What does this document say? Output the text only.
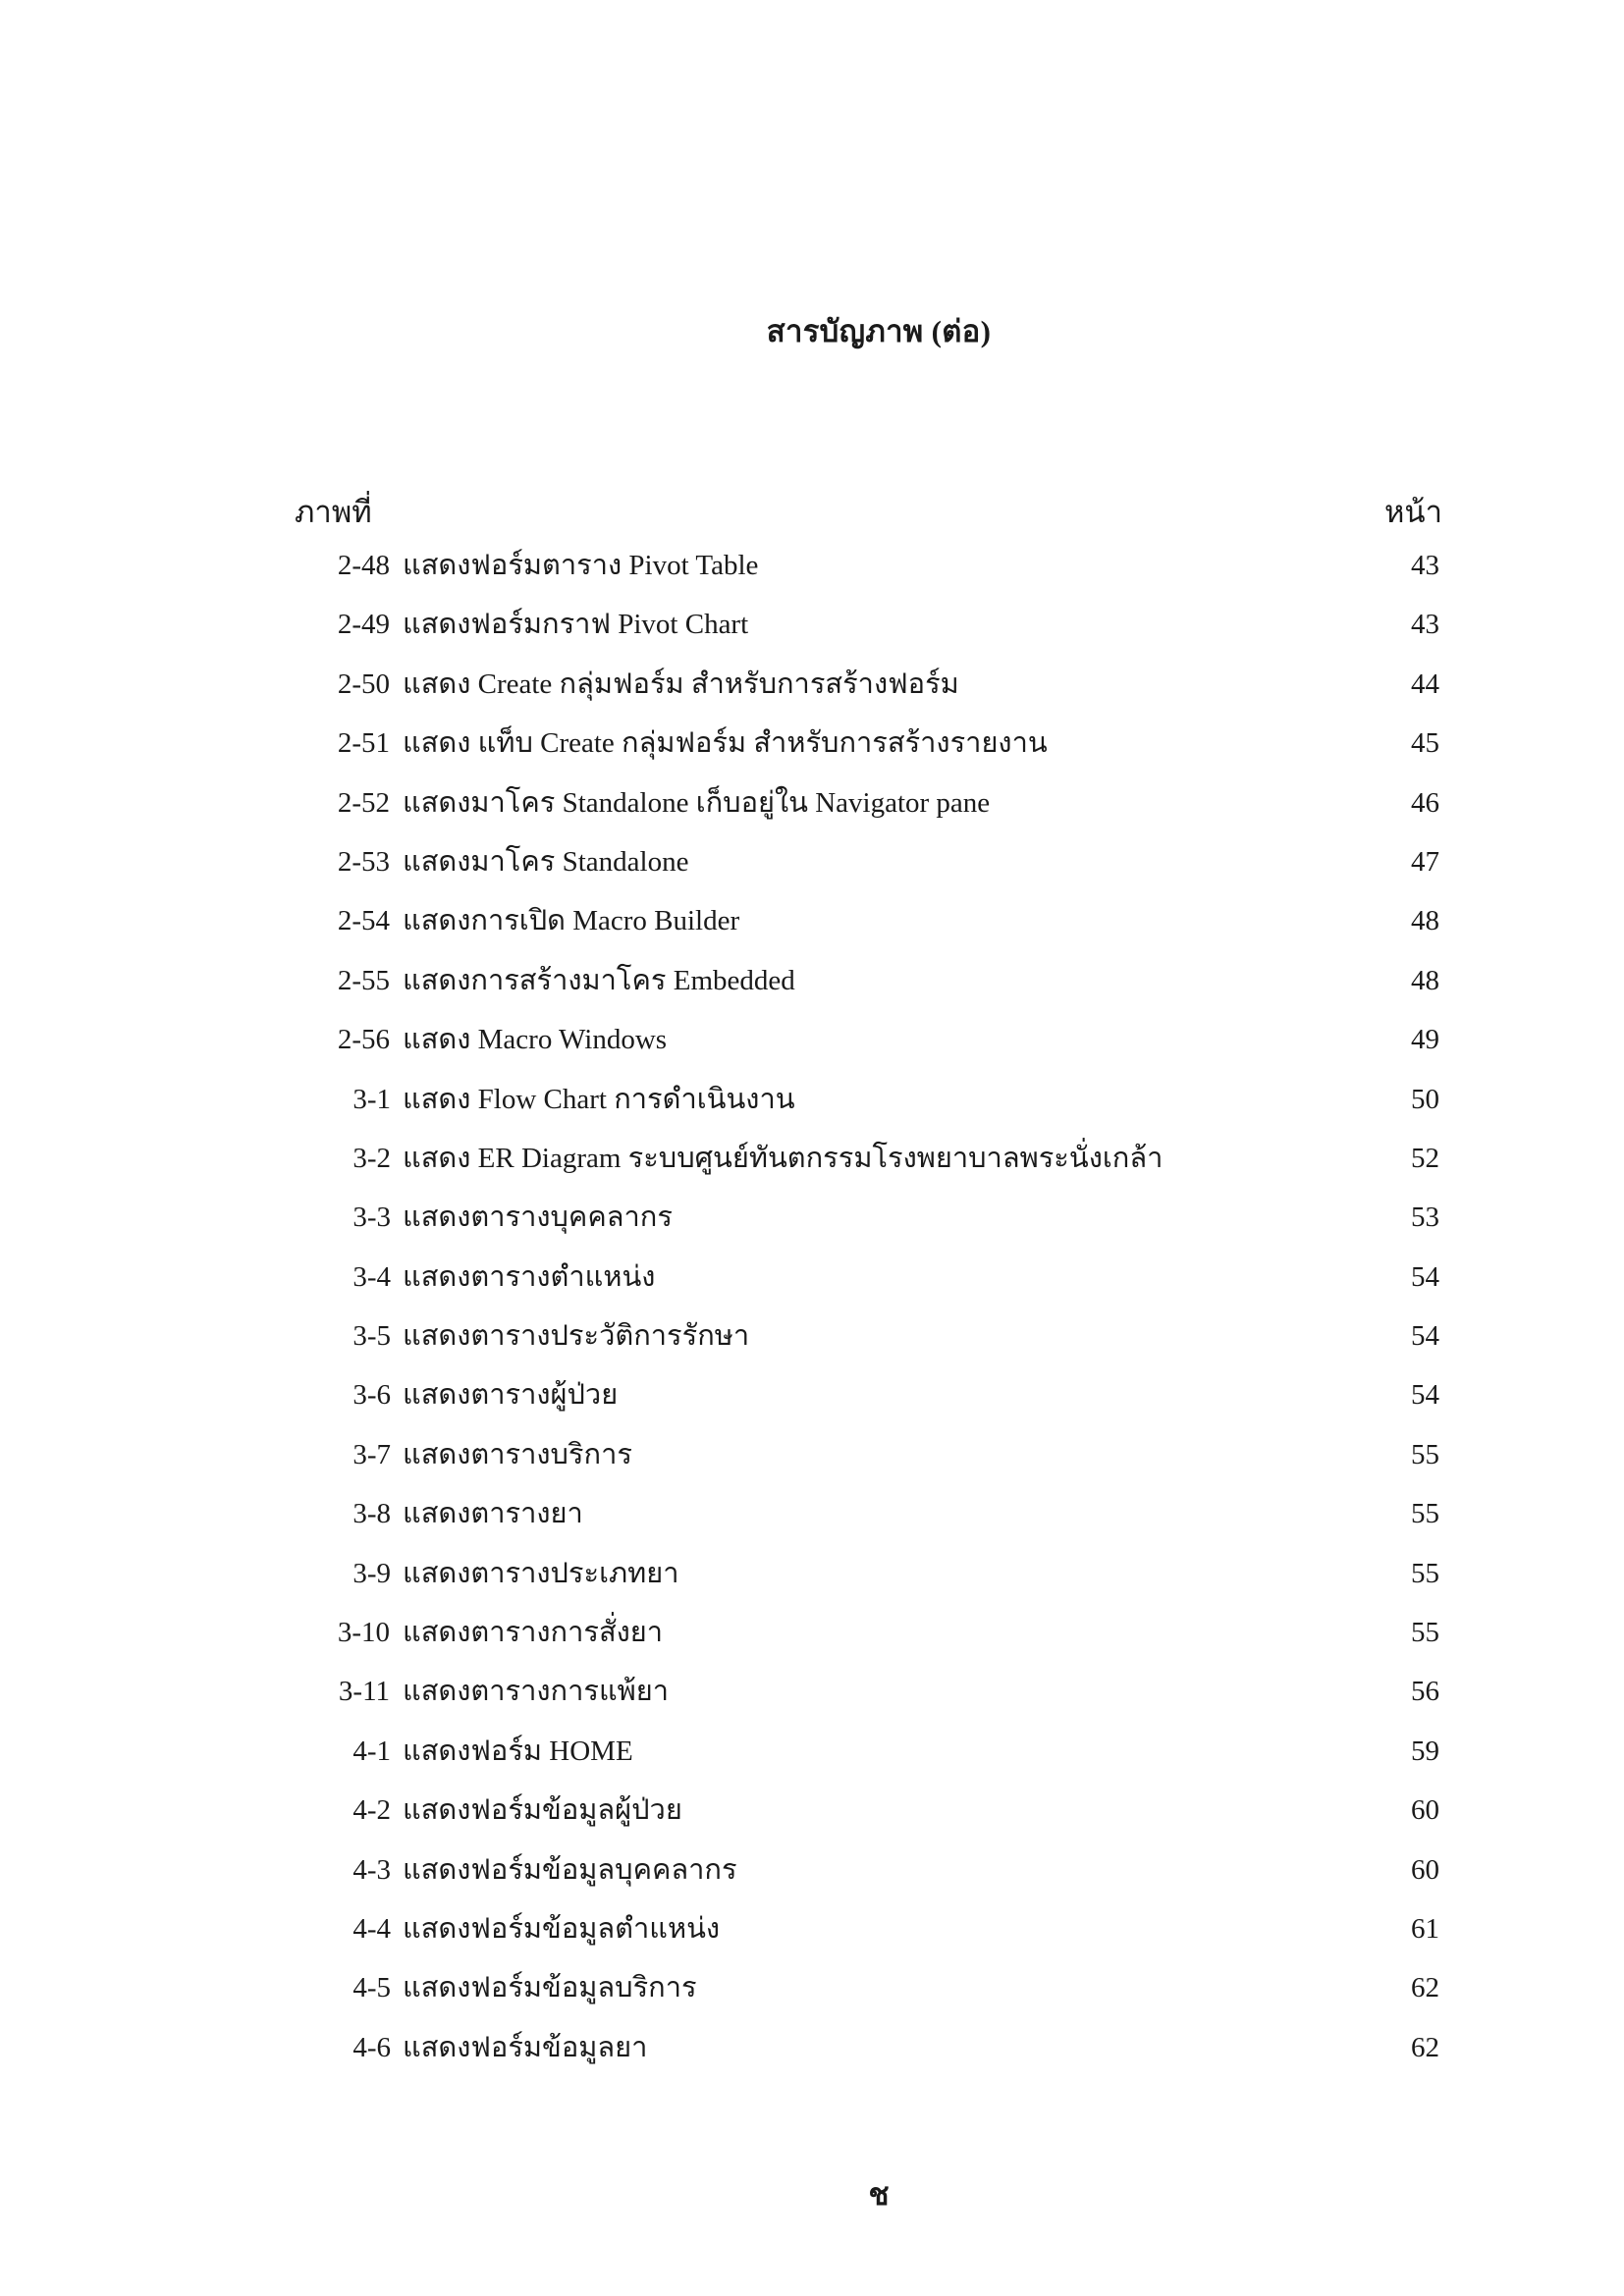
สารบัญภาพ (ต่อ)
ภาพที่	หน้า
2-48 แสดงฟอร์มตาราง Pivot Table	43
2-49 แสดงฟอร์มกราฟ Pivot Chart	43
2-50 แสดง Create กลุ่มฟอร์ม สำหรับการสร้างฟอร์ม	44
2-51 แสดง แท็บ Create กลุ่มฟอร์ม สำหรับการสร้างรายงาน	45
2-52 แสดงมาโคร Standalone เก็บอยู่ใน Navigator pane	46
2-53 แสดงมาโคร Standalone	47
2-54 แสดงการเปิด Macro Builder	48
2-55 แสดงการสร้างมาโคร Embedded	48
2-56 แสดง Macro Windows	49
3-1 แสดง Flow Chart การดำเนินงาน	50
3-2 แสดง ER Diagram ระบบศูนย์ทันตกรรมโรงพยาบาลพระนั่งเกล้า	52
3-3 แสดงตารางบุคคลากร	53
3-4 แสดงตารางตำแหน่ง	54
3-5 แสดงตารางประวัติการรักษา	54
3-6 แสดงตารางผู้ป่วย	54
3-7 แสดงตารางบริการ	55
3-8 แสดงตารางยา	55
3-9 แสดงตารางประเภทยา	55
3-10 แสดงตารางการสั่งยา	55
3-11 แสดงตารางการแพ้ยา	56
4-1 แสดงฟอร์ม HOME	59
4-2 แสดงฟอร์มข้อมูลผู้ป่วย	60
4-3 แสดงฟอร์มข้อมูลบุคคลากร	60
4-4 แสดงฟอร์มข้อมูลตำแหน่ง	61
4-5 แสดงฟอร์มข้อมูลบริการ	62
4-6 แสดงฟอร์มข้อมูลยา	62
ช
